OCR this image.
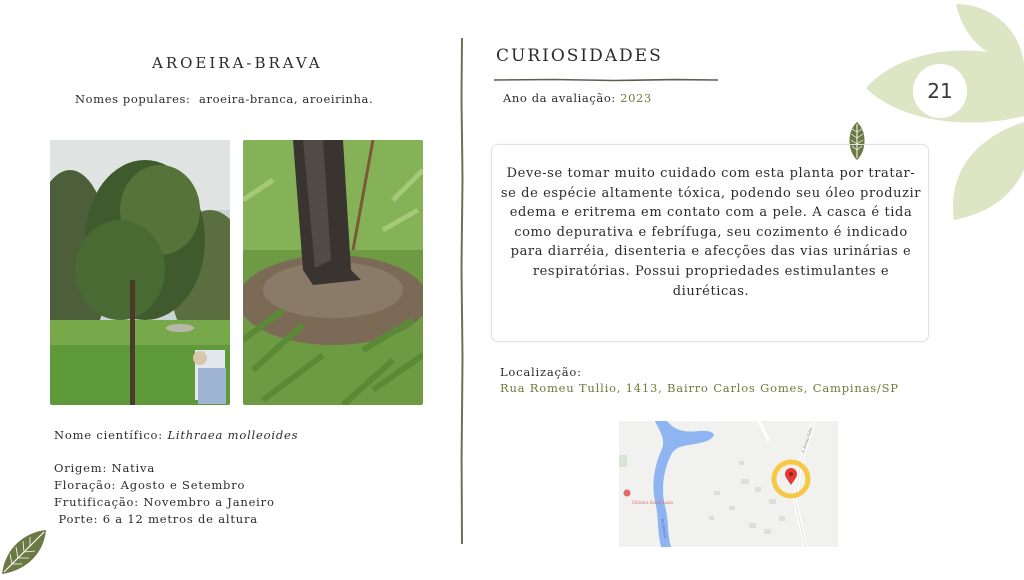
AROEIRA-BRAVA
Nomes populares: aroeira-branca, aroeirinha.
Nome científico: Lithraea molleoides
Origem: Nativa
Floração: Agosto e Setembro
Frutificação: Novembro a Janeiro
Porte: 6 a 12 metros de altura
CURIOSIDADES
Ano da avaliação: 2023
Deve-se tomar muito cuidado com esta planta por tratar-se de espécie altamente tóxica, podendo seu óleo produzir edema e eritrema em contato com a pele. A casca é tida como depurativa e febrífuga, seu cozimento é indicado para diarréia, disenteria e afecções das vias urinárias e respiratórias. Possui propriedades estimulantes e diuréticas.
Localização:
Rua Romeu Tullio, 1413, Bairro Carlos Gomes, Campinas/SP
Chácara Santa Luzia
R. Romeu Tullio
Rio Atibaia
21
